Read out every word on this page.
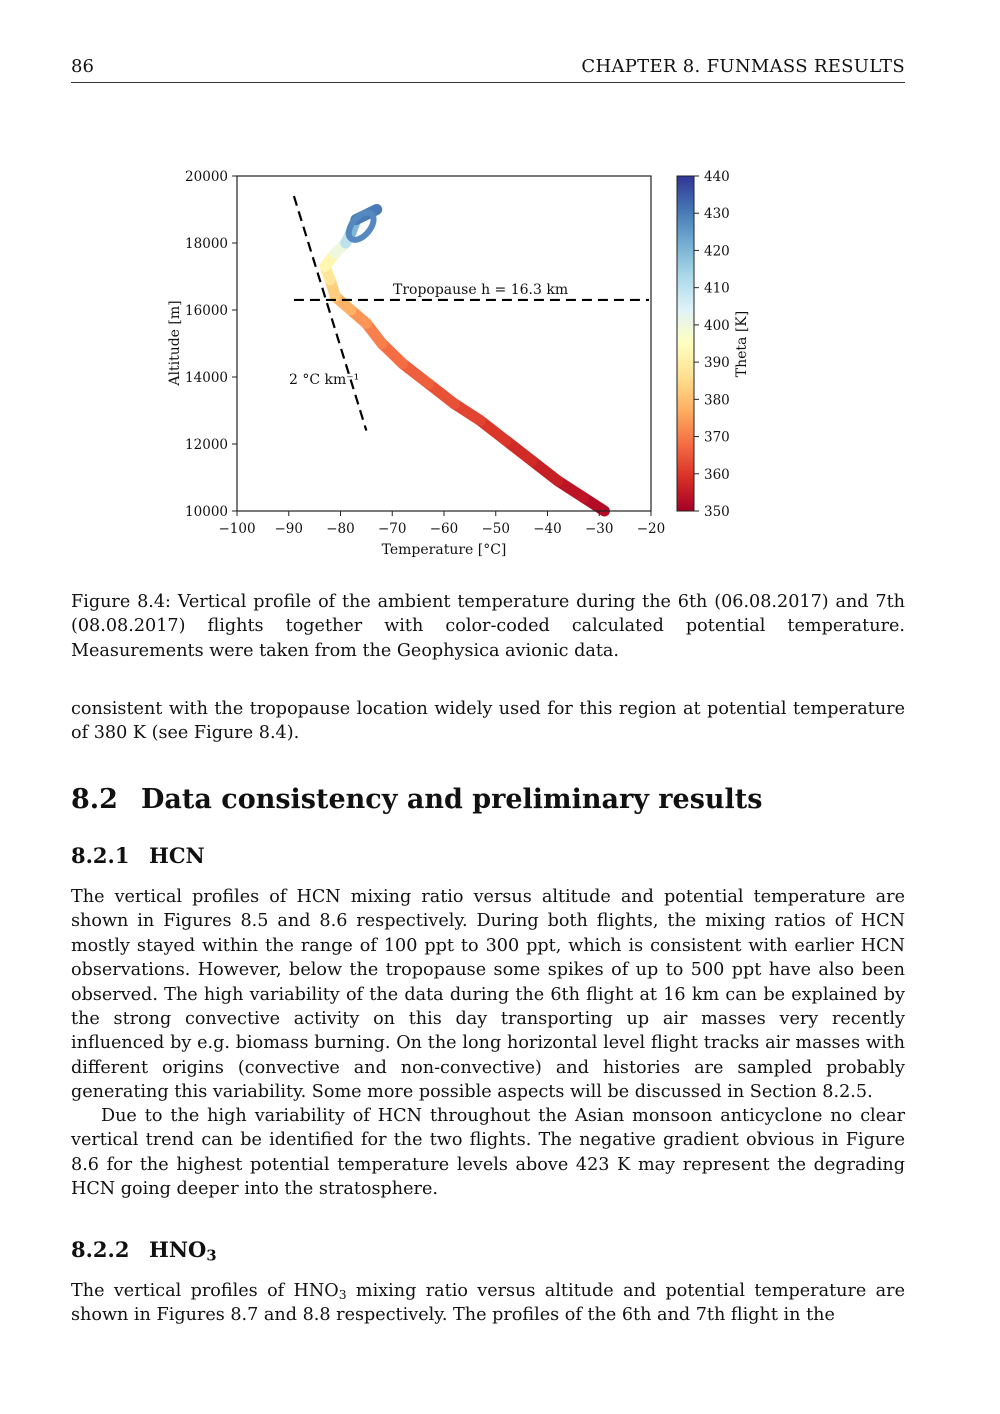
86	CHAPTER 8. FUNMASS RESULTS
Tropopause h = 16.3 km
2 °C km⁻¹
−100 −90 −80 −70 −60 −50 −40 −30 −20
10000
12000
14000
16000
18000
20000
Temperature [°C]
Altitude [m]
350
360
370
380
390
400
410
420
430
440
Theta [K]
Figure 8.4: Vertical profile of the ambient temperature during the 6th (06.08.2017) and 7th (08.08.2017) flights together with color-coded calculated potential temperature. Measurements were taken from the Geophysica avionic data.
consistent with the tropopause location widely used for this region at potential temperature of 380 K (see Figure 8.4).
8.2 Data consistency and preliminary results
8.2.1 HCN
The vertical profiles of HCN mixing ratio versus altitude and potential temperature are shown in Figures 8.5 and 8.6 respectively. During both flights, the mixing ratios of HCN mostly stayed within the range of 100 ppt to 300 ppt, which is consistent with earlier HCN observations. However, below the tropopause some spikes of up to 500 ppt have also been observed. The high variability of the data during the 6th flight at 16 km can be explained by the strong convective activity on this day transporting up air masses very recently influenced by e.g. biomass burning. On the long horizontal level flight tracks air masses with different origins (convective and non-convective) and histories are sampled probably generating this variability. Some more possible aspects will be discussed in Section 8.2.5.
Due to the high variability of HCN throughout the Asian monsoon anticyclone no clear vertical trend can be identified for the two flights. The negative gradient obvious in Figure 8.6 for the highest potential temperature levels above 423 K may represent the degrading HCN going deeper into the stratosphere.
8.2.2 $HNO_3$
The vertical profiles of $HNO_3$ mixing ratio versus altitude and potential temperature are shown in Figures 8.7 and 8.8 respectively. The profiles of the 6th and 7th flight in the
